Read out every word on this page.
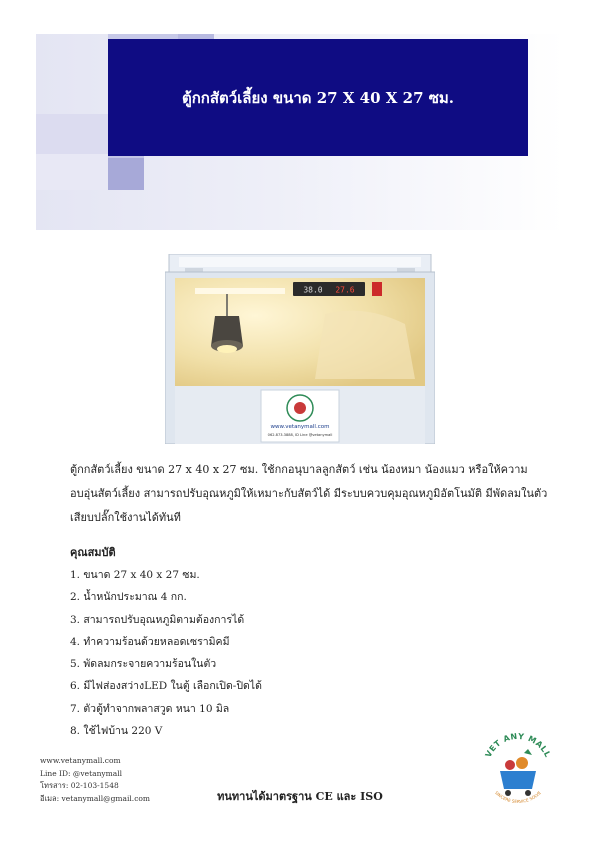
ตู้กกสัตว์เลี้ยง ขนาด 27 X 40 X 27 ซม.
38.0 27.6
www.vetanymall.com
062.873.3888, ID Line @vetanymall
ตู้กกสัตว์เลี้ยง ขนาด 27 x 40 x 27 ซม. ใช้กกอนุบาลลูกสัตว์ เช่น น้องหมา น้องแมว หรือให้ความอบอุ่นสัตว์เลี้ยง สามารถปรับอุณหภูมิให้เหมาะกับสัตว์ได้ มีระบบควบคุมอุณหภูมิอัตโนมัติ มีพัดลมในตัว เสียบปลั๊กใช้งานได้ทันที
คุณสมบัติ
1. ขนาด 27 x 40 x 27 ซม.
2. น้ำหนักประมาณ 4 กก.
3. สามารถปรับอุณหภูมิตามต้องการได้
4. ทำความร้อนด้วยหลอดเซรามิคมี
5. พัดลมกระจายความร้อนในตัว
6. มีไฟส่องสว่างLED ในตู้ เลือกเปิด-ปิดได้
7. ตัวตู้ทำจากพลาสวูด หนา 10 มิล
8. ใช้ไฟบ้าน 220 V
www.vetanymall.com
Line ID: @vetanymall
โทรสาร: 02-103-1548
อีเมล: vetanymall@gmail.com	ทนทานได้มาตรฐาน CE และ ISO
VET ANY MALL
SINCERE SERVICE SOLVE
